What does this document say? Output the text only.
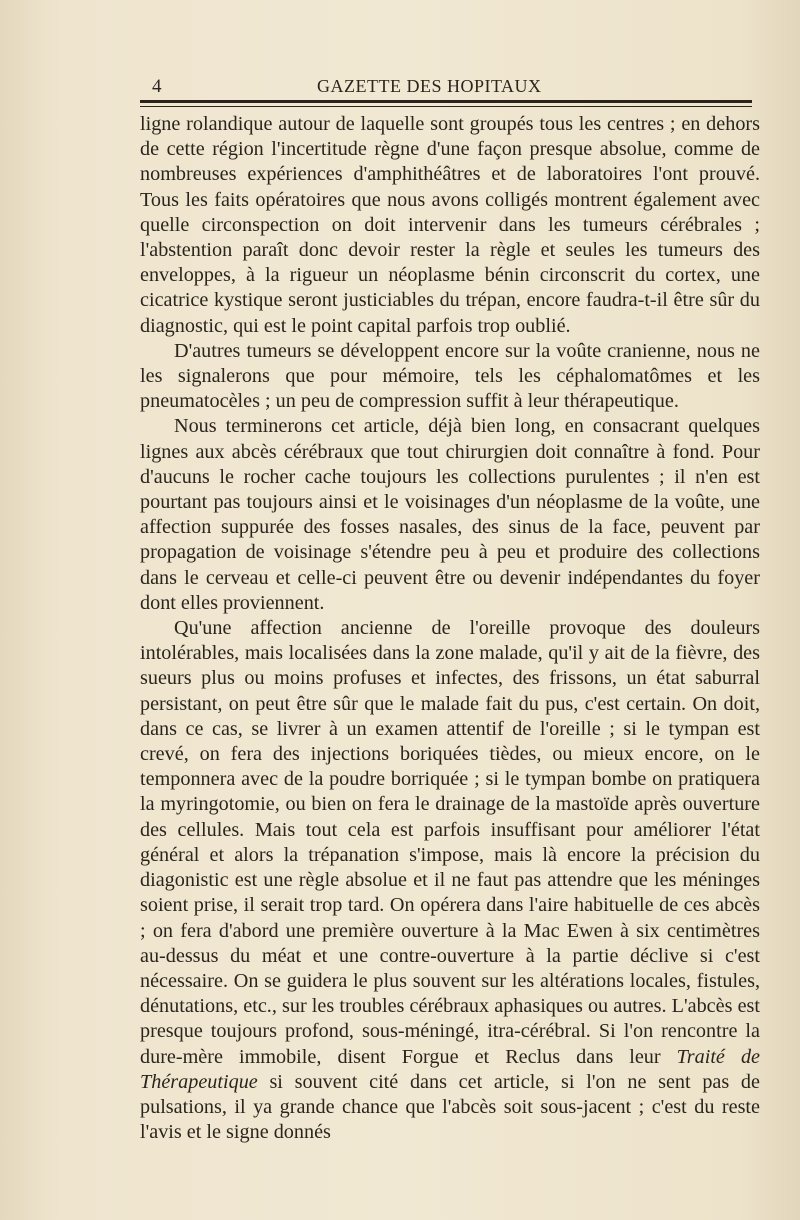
4	GAZETTE DES HOPITAUX

ligne rolandique autour de laquelle sont groupés tous les centres ; en dehors de cette région l'incertitude règne d'une façon presque absolue, comme de nombreuses expériences d'amphithéâtres et de laboratoires l'ont prouvé. Tous les faits opératoires que nous avons colligés montrent également avec quelle circonspection on doit intervenir dans les tumeurs cérébrales ; l'abstention paraît donc devoir rester la règle et seules les tumeurs des enveloppes, à la rigueur un néoplasme bénin circonscrit du cortex, une cicatrice kystique seront justiciables du trépan, encore faudra-t-il être sûr du diagnostic, qui est le point capital parfois trop oublié.

D'autres tumeurs se développent encore sur la voûte cranienne, nous ne les signalerons que pour mémoire, tels les céphalomatômes et les pneumatocèles ; un peu de compression suffit à leur thérapeutique.

Nous terminerons cet article, déjà bien long, en consacrant quelques lignes aux abcès cérébraux que tout chirurgien doit connaître à fond. Pour d'aucuns le rocher cache toujours les collections purulentes ; il n'en est pourtant pas toujours ainsi et le voisinages d'un néoplasme de la voûte, une affection suppurée des fosses nasales, des sinus de la face, peuvent par propagation de voisinage s'étendre peu à peu et produire des collections dans le cerveau et celle-ci peuvent être ou devenir indépendantes du foyer dont elles proviennent.

Qu'une affection ancienne de l'oreille provoque des douleurs intolérables, mais localisées dans la zone malade, qu'il y ait de la fièvre, des sueurs plus ou moins profuses et infectes, des frissons, un état saburral persistant, on peut être sûr que le malade fait du pus, c'est certain. On doit, dans ce cas, se livrer à un examen attentif de l'oreille ; si le tympan est crevé, on fera des injections boriquées tièdes, ou mieux encore, on le temponnera avec de la poudre borriquée ; si le tympan bombe on pratiquera la myringotomie, ou bien on fera le drainage de la mastoïde après ouverture des cellules. Mais tout cela est parfois insuffisant pour améliorer l'état général et alors la trépanation s'impose, mais là encore la précision du diagonistic est une règle absolue et il ne faut pas attendre que les méninges soient prise, il serait trop tard. On opérera dans l'aire habituelle de ces abcès ; on fera d'abord une première ouverture à la Mac Ewen à six centimètres au-dessus du méat et une contre-ouverture à la partie déclive si c'est nécessaire. On se guidera le plus souvent sur les altérations locales, fistules, dénutations, etc., sur les troubles cérébraux aphasiques ou autres. L'abcès est presque toujours profond, sous-méningé, itra-cérébral. Si l'on rencontre la dure-mère immobile, disent Forgue et Reclus dans leur Traité de Thérapeutique si souvent cité dans cet article, si l'on ne sent pas de pulsations, il ya grande chance que l'abcès soit sous-jacent ; c'est du reste l'avis et le signe donnés
